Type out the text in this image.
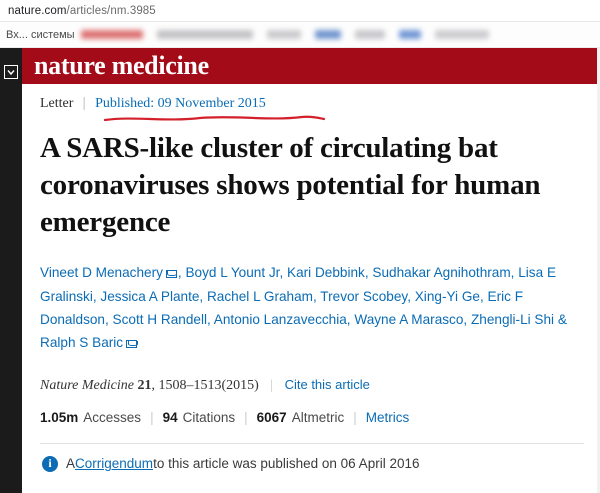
nature.com/articles/nm.3985
Вх... системы
nature medicine
Letter | Published: 09 November 2015
A SARS-like cluster of circulating bat coronaviruses shows potential for human emergence
Vineet D Menachery , Boyd L Yount Jr, Kari Debbink, Sudhakar Agnihothram, Lisa E Gralinski, Jessica A Plante, Rachel L Graham, Trevor Scobey, Xing-Yi Ge, Eric F Donaldson, Scott H Randell, Antonio Lanzavecchia, Wayne A Marasco, Zhengli-Li Shi & Ralph S Baric
Nature Medicine 21, 1508–1513(2015) | Cite this article
1.05m Accesses | 94 Citations | 6067 Altmetric | Metrics
i	A Corrigendum to this article was published on 06 April 2016
